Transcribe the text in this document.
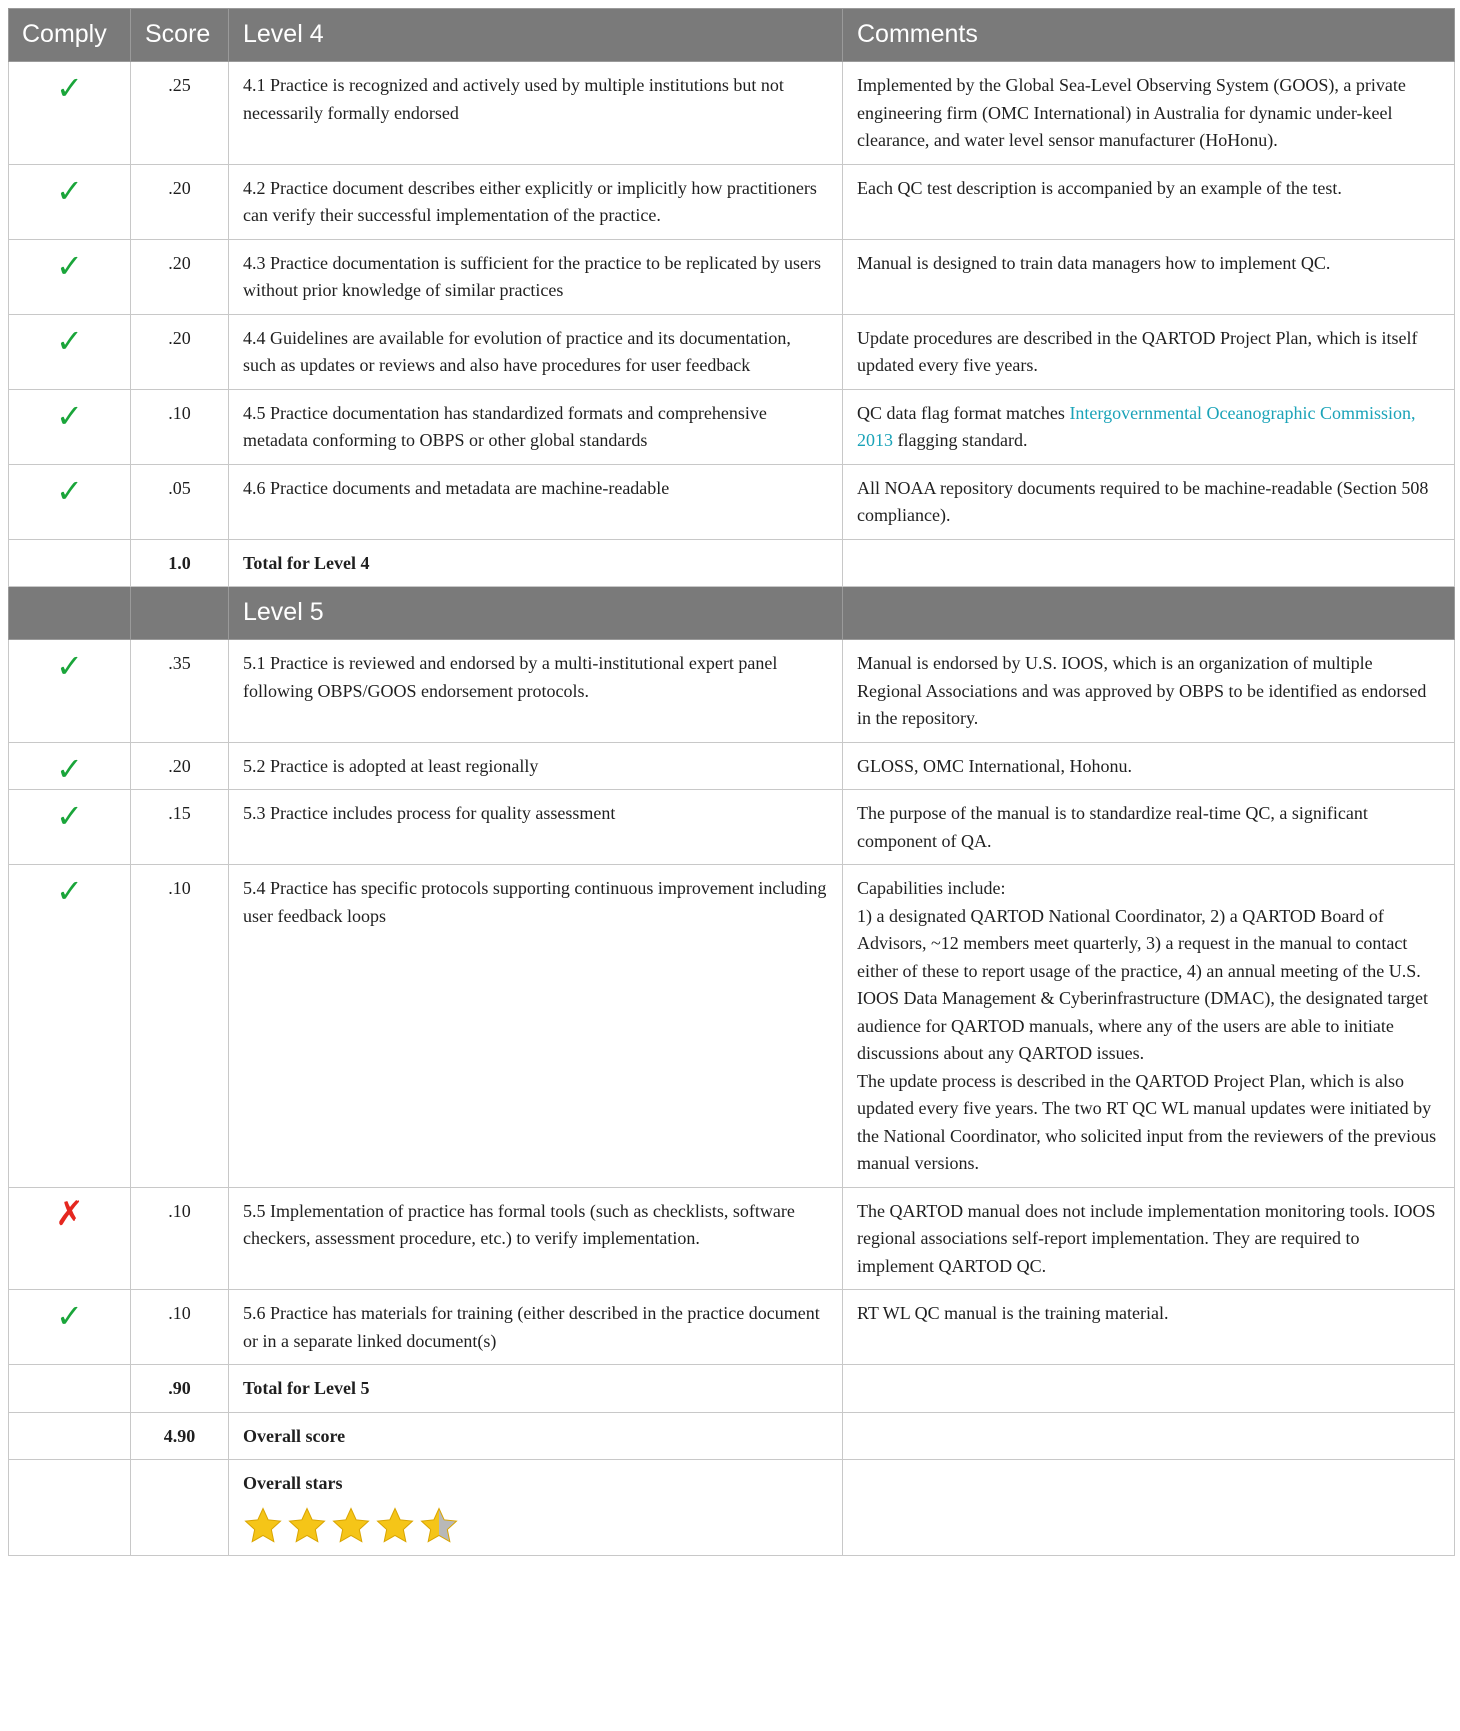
Comply	Score	Level 4	Comments
✓	.25	4.1 Practice is recognized and actively used by multiple institutions but not necessarily formally endorsed	Implemented by the Global Sea-Level Observing System (GOOS), a private engineering firm (OMC International) in Australia for dynamic under-keel clearance, and water level sensor manufacturer (HoHonu).
✓	.20	4.2 Practice document describes either explicitly or implicitly how practitioners can verify their successful implementation of the practice.	Each QC test description is accompanied by an example of the test.
✓	.20	4.3 Practice documentation is sufficient for the practice to be replicated by users without prior knowledge of similar practices	Manual is designed to train data managers how to implement QC.
✓	.20	4.4 Guidelines are available for evolution of practice and its documentation, such as updates or reviews and also have procedures for user feedback	Update procedures are described in the QARTOD Project Plan, which is itself updated every five years.
✓	.10	4.5 Practice documentation has standardized formats and comprehensive metadata conforming to OBPS or other global standards	QC data flag format matches Intergovernmental Oceanographic Commission, 2013 flagging standard.
✓	.05	4.6 Practice documents and metadata are machine-readable	All NOAA repository documents required to be machine-readable (Section 508 compliance).
	1.0	Total for Level 4	
		Level 5	
✓	.35	5.1 Practice is reviewed and endorsed by a multi-institutional expert panel following OBPS/GOOS endorsement protocols.	Manual is endorsed by U.S. IOOS, which is an organization of multiple Regional Associations and was approved by OBPS to be identified as endorsed in the repository.
✓	.20	5.2 Practice is adopted at least regionally	GLOSS, OMC International, Hohonu.
✓	.15	5.3 Practice includes process for quality assessment	The purpose of the manual is to standardize real-time QC, a significant component of QA.
✓	.10	5.4 Practice has specific protocols supporting continuous improvement including user feedback loops	Capabilities include:
1) a designated QARTOD National Coordinator, 2) a QARTOD Board of Advisors, ~12 members meet quarterly, 3) a request in the manual to contact either of these to report usage of the practice, 4) an annual meeting of the U.S. IOOS Data Management & Cyberinfrastructure (DMAC), the designated target audience for QARTOD manuals, where any of the users are able to initiate discussions about any QARTOD issues.
The update process is described in the QARTOD Project Plan, which is also updated every five years. The two RT QC WL manual updates were initiated by the National Coordinator, who solicited input from the reviewers of the previous manual versions.

✗	.10	5.5 Implementation of practice has formal tools (such as checklists, software checkers, assessment procedure, etc.) to verify implementation.	The QARTOD manual does not include implementation monitoring tools. IOOS regional associations self-report implementation. They are required to implement QARTOD QC.
✓	.10	5.6 Practice has materials for training (either described in the practice document or in a separate linked document(s)	RT WL QC manual is the training material.
	.90	Total for Level 5	
	4.90	Overall score	

		Overall stars	
